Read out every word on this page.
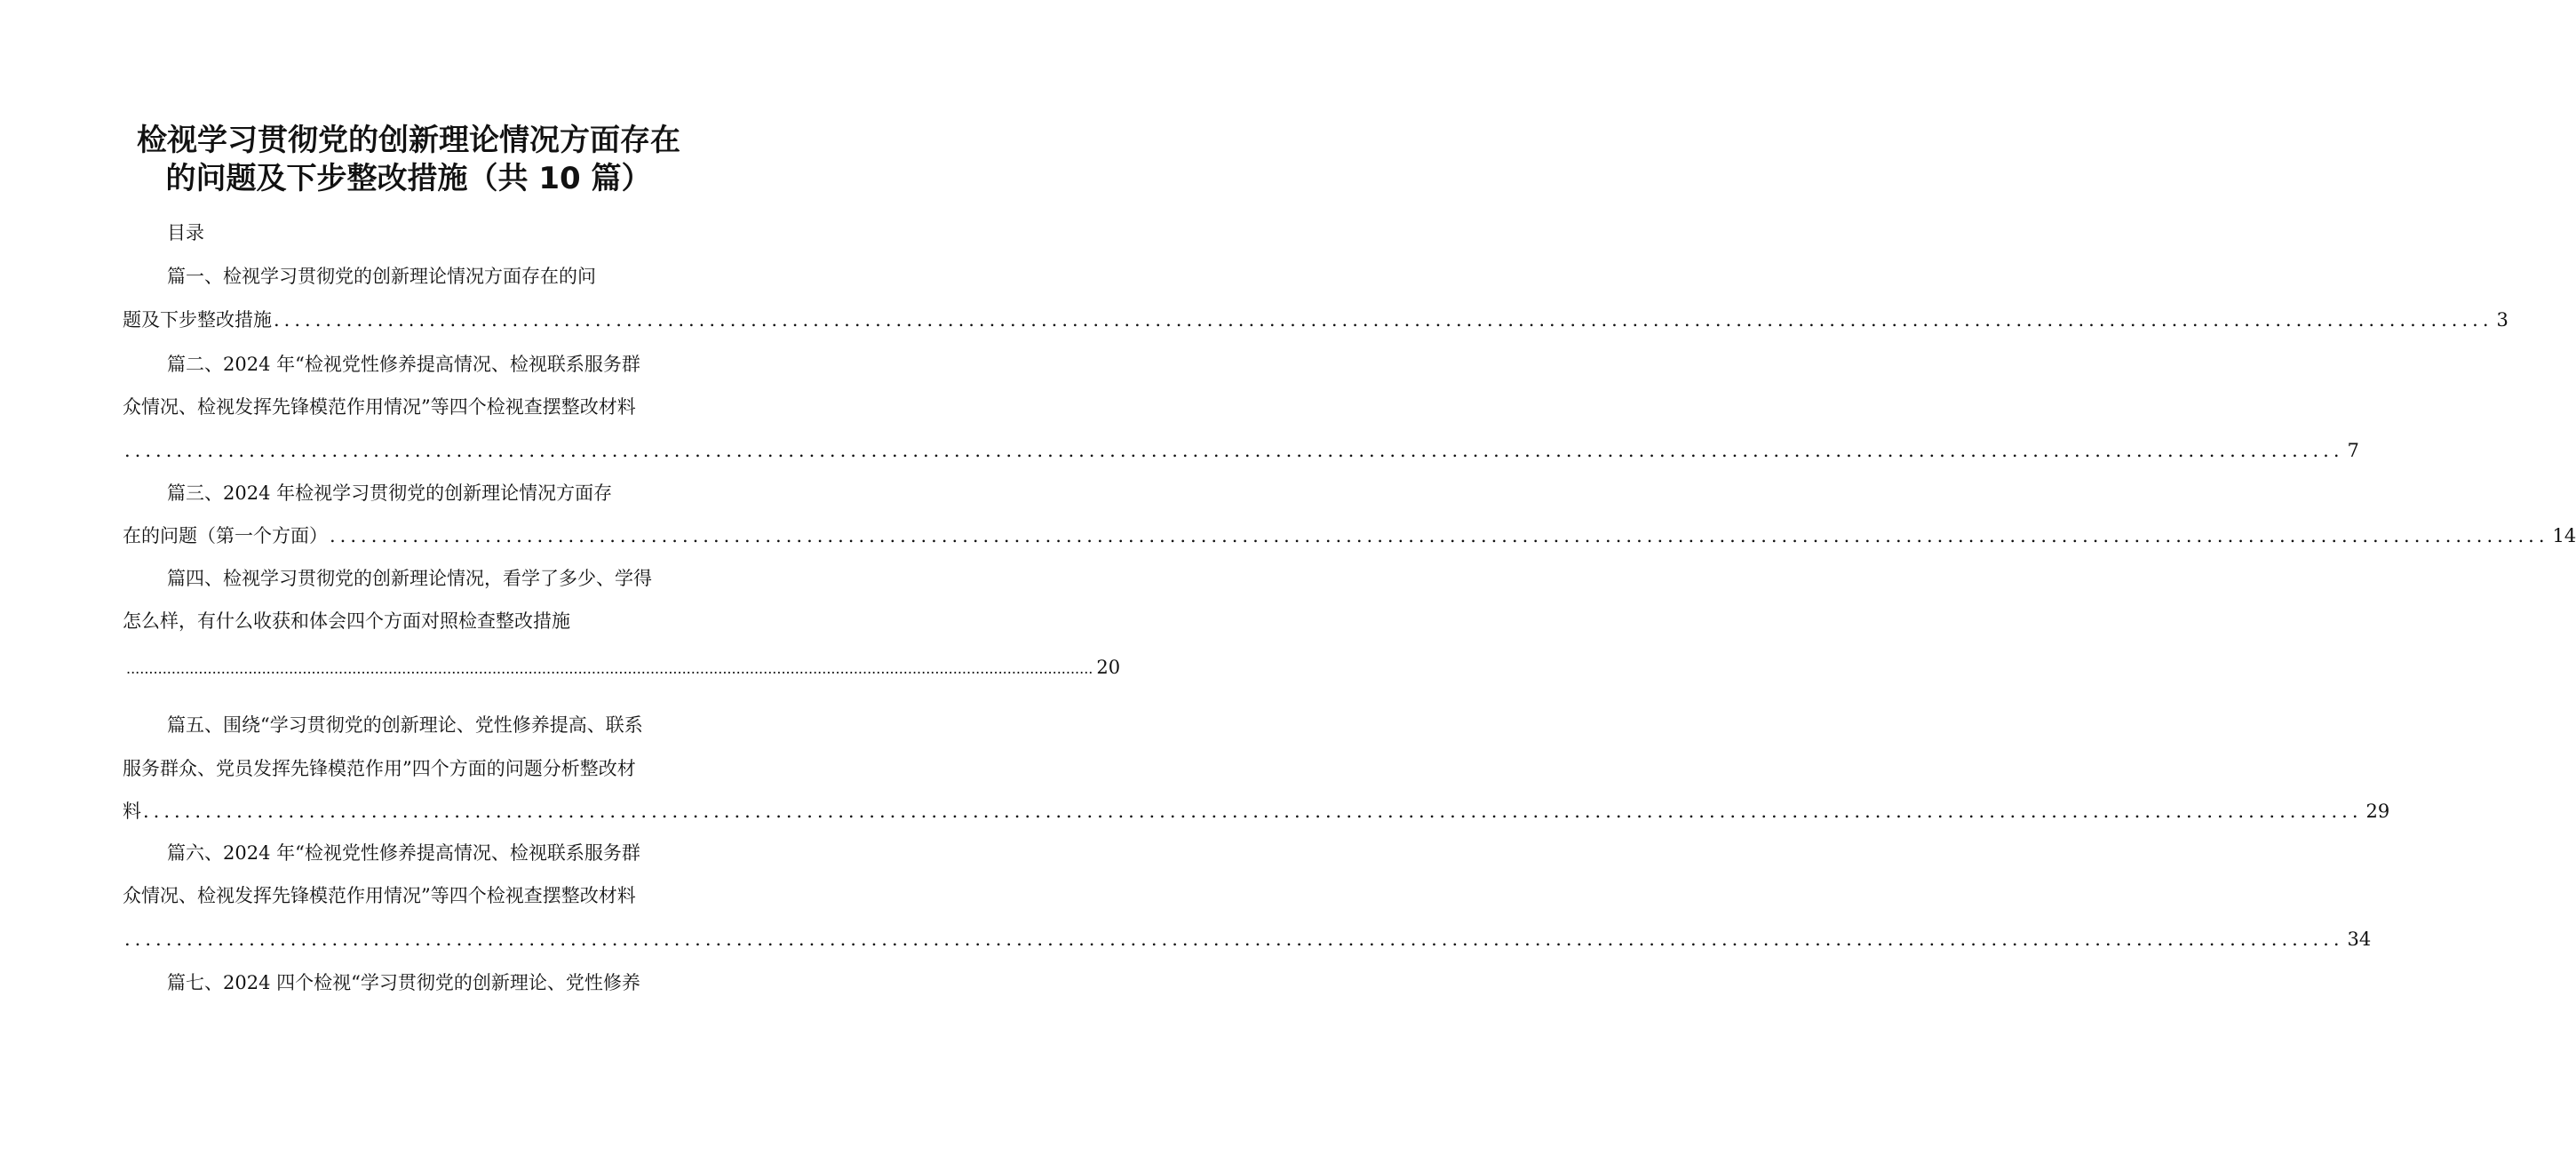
检视学习贯彻党的创新理论情况方面存在
的问题及下步整改措施（共 10 篇）
目录
篇一、检视学习贯彻党的创新理论情况方面存在的问
题及下步整改措施 ...................................................................................................................................................................................................................... 3
篇二、2024 年“检视党性修养提高情况、检视联系服务群
众情况、检视发挥先锋模范作用情况”等四个检视查摆整改材料
...................................................................................................................................................................................................................... 7
篇三、2024 年检视学习贯彻党的创新理论情况方面存
在的问题（第一个方面） ...................................................................................................................................................................................................................... 14
篇四、检视学习贯彻党的创新理论情况，看学了多少、学得
怎么样，有什么收获和体会四个方面对照检查整改措施
...................................................................................................................................................................................................................... 20
篇五、围绕“学习贯彻党的创新理论、党性修养提高、联系
服务群众、党员发挥先锋模范作用”四个方面的问题分析整改材
料 ...................................................................................................................................................................................................................... 29
篇六、2024 年“检视党性修养提高情况、检视联系服务群
众情况、检视发挥先锋模范作用情况”等四个检视查摆整改材料
...................................................................................................................................................................................................................... 34
篇七、2024 四个检视“学习贯彻党的创新理论、党性修养
